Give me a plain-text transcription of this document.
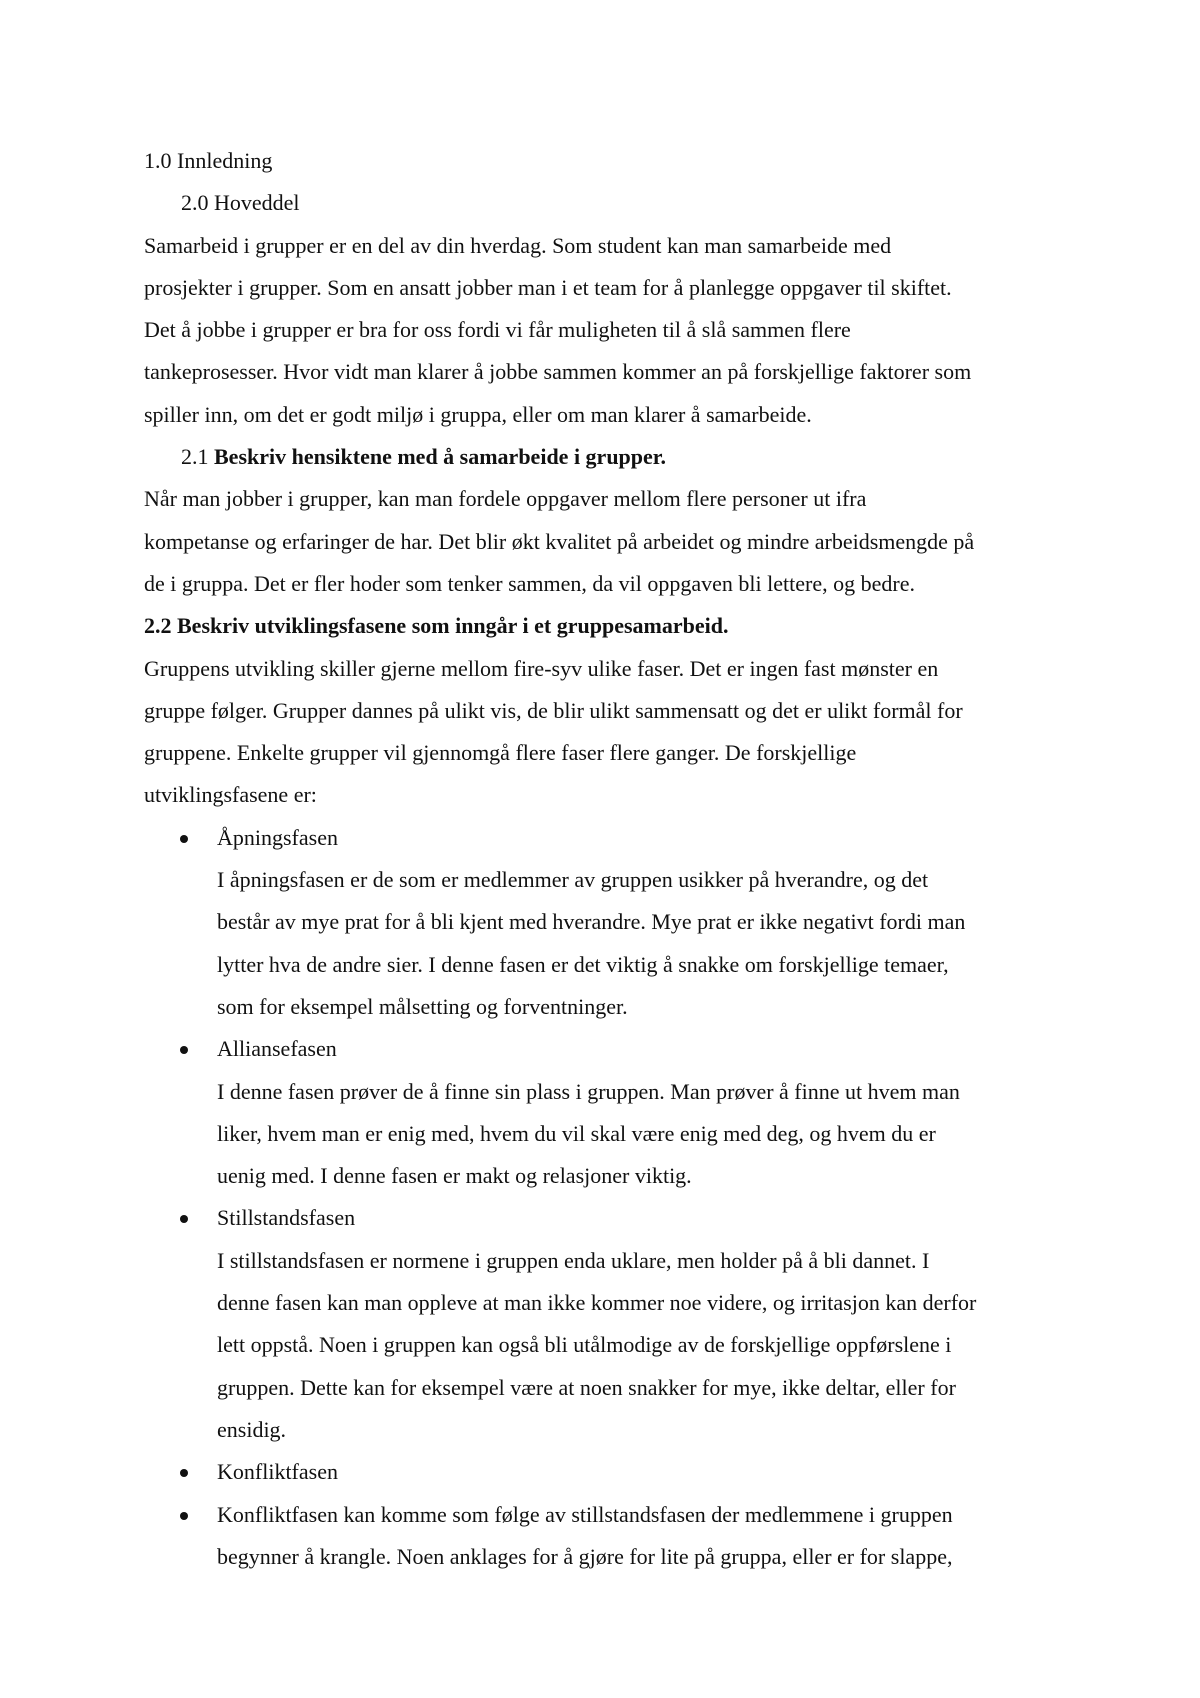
1.0 Innledning
2.0 Hoveddel
Samarbeid i grupper er en del av din hverdag. Som student kan man samarbeide med
prosjekter i grupper. Som en ansatt jobber man i et team for å planlegge oppgaver til skiftet.
Det å jobbe i grupper er bra for oss fordi vi får muligheten til å slå sammen flere
tankeprosesser. Hvor vidt man klarer å jobbe sammen kommer an på forskjellige faktorer som
spiller inn, om det er godt miljø i gruppa, eller om man klarer å samarbeide.
2.1 Beskriv hensiktene med å samarbeide i grupper.
Når man jobber i grupper, kan man fordele oppgaver mellom flere personer ut ifra
kompetanse og erfaringer de har. Det blir økt kvalitet på arbeidet og mindre arbeidsmengde på
de i gruppa. Det er fler hoder som tenker sammen, da vil oppgaven bli lettere, og bedre.
2.2 Beskriv utviklingsfasene som inngår i et gruppesamarbeid.
Gruppens utvikling skiller gjerne mellom fire-syv ulike faser. Det er ingen fast mønster en
gruppe følger. Grupper dannes på ulikt vis, de blir ulikt sammensatt og det er ulikt formål for
gruppene. Enkelte grupper vil gjennomgå flere faser flere ganger. De forskjellige
utviklingsfasene er:
Åpningsfasen
I åpningsfasen er de som er medlemmer av gruppen usikker på hverandre, og det
består av mye prat for å bli kjent med hverandre. Mye prat er ikke negativt fordi man
lytter hva de andre sier. I denne fasen er det viktig å snakke om forskjellige temaer,
som for eksempel målsetting og forventninger.
Alliansefasen
I denne fasen prøver de å finne sin plass i gruppen. Man prøver å finne ut hvem man
liker, hvem man er enig med, hvem du vil skal være enig med deg, og hvem du er
uenig med. I denne fasen er makt og relasjoner viktig.
Stillstandsfasen
I stillstandsfasen er normene i gruppen enda uklare, men holder på å bli dannet. I
denne fasen kan man oppleve at man ikke kommer noe videre, og irritasjon kan derfor
lett oppstå. Noen i gruppen kan også bli utålmodige av de forskjellige oppførslene i
gruppen. Dette kan for eksempel være at noen snakker for mye, ikke deltar, eller for
ensidig.
Konfliktfasen
Konfliktfasen kan komme som følge av stillstandsfasen der medlemmene i gruppen
begynner å krangle. Noen anklages for å gjøre for lite på gruppa, eller er for slappe,
